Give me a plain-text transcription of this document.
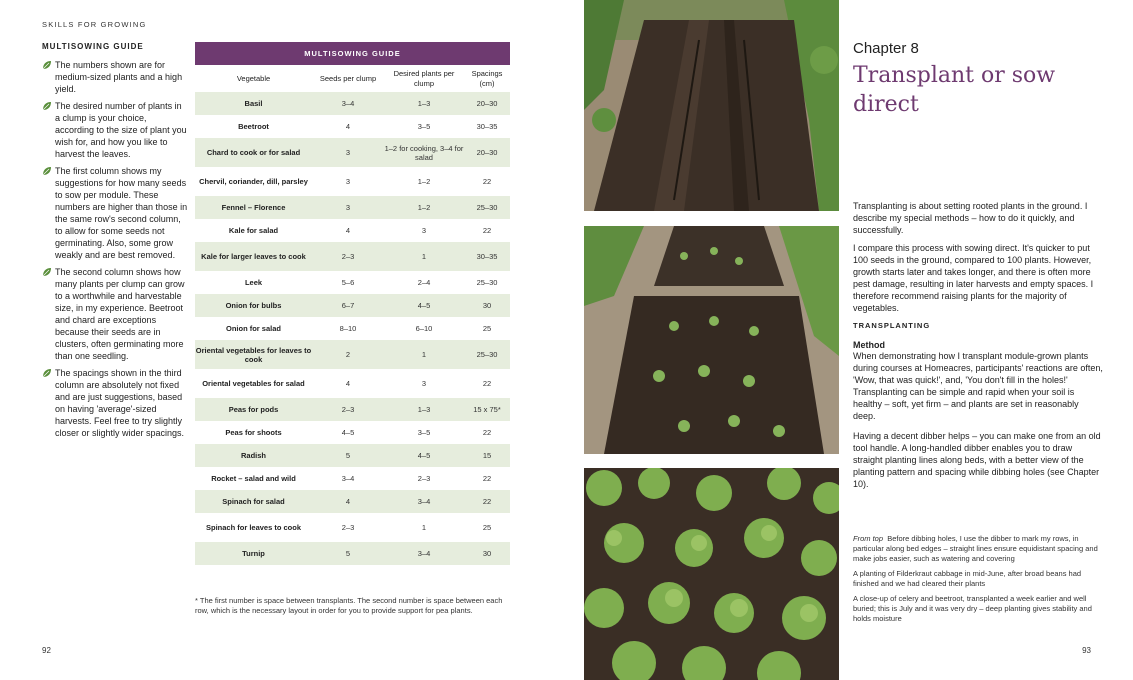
SKILLS FOR GROWING
MULTISOWING GUIDE
The numbers shown are for medium-sized plants and a high yield.
The desired number of plants in a clump is your choice, according to the size of plant you wish for, and how you like to harvest the leaves.
The first column shows my suggestions for how many seeds to sow per module. These numbers are higher than those in the same row's second column, to allow for some seeds not germinating. Also, some grow weakly and are best removed.
The second column shows how many plants per clump can grow to a worthwhile and harvestable size, in my experience. Beetroot and chard are exceptions because their seeds are in clusters, often germinating more than one seedling.
The spacings shown in the third column are absolutely not fixed and are just suggestions, based on having 'average'-sized harvests. Feel free to try slightly closer or slightly wider spacings.
MULTISOWING GUIDE
Vegetable	Seeds per clump	Desired plants per clump	Spacings (cm)
Basil	3–4	1–3	20–30
Beetroot	4	3–5	30–35
Chard to cook or for salad	3	1–2 for cooking, 3–4 for salad	20–30
Chervil, coriander, dill, parsley	3	1–2	22
Fennel – Florence	3	1–2	25–30
Kale for salad	4	3	22
Kale for larger leaves to cook	2–3	1	30–35
Leek	5–6	2–4	25–30
Onion for bulbs	6–7	4–5	30
Onion for salad	8–10	6–10	25
Oriental vegetables for leaves to cook	2	1	25–30
Oriental vegetables for salad	4	3	22
Peas for pods	2–3	1–3	15 x 75*
Peas for shoots	4–5	3–5	22
Radish	5	4–5	15
Rocket – salad and wild	3–4	2–3	22
Spinach for salad	4	3–4	22
Spinach for leaves to cook	2–3	1	25
Turnip	5	3–4	30
* The first number is space between transplants. The second number is space between each row, which is the necessary layout in order for you to provide support for pea plants.
92
Chapter 8
Transplant or sow direct

Transplanting is about setting rooted plants in the ground. I describe my special methods – how to do it quickly, and successfully.

I compare this process with sowing direct. It's quicker to put 100 seeds in the ground, compared to 100 plants. However, growth starts later and takes longer, and there is often more pest damage, resulting in later harvests and empty spaces. I therefore recommend raising plants for the majority of vegetables.

TRANSPLANTING
Method

When demonstrating how I transplant module-grown plants during courses at Homeacres, participants' reactions are often, 'Wow, that was quick!', and, 'You don't fill in the holes!' Transplanting can be simple and rapid when your soil is healthy – soft, yet firm – and plants are set in reasonably deep.

Having a decent dibber helps – you can make one from an old tool handle. A long-handled dibber enables you to draw straight planting lines along beds, with a better view of the planting pattern and spacing while dibbing holes (see Chapter 10).

From top Before dibbing holes, I use the dibber to mark my rows, in particular along bed edges – straight lines ensure equidistant spacing and make jobs easier, such as watering and covering

A planting of Filderkraut cabbage in mid-June, after broad beans had finished and we had cleared their plants

A close-up of celery and beetroot, transplanted a week earlier and well buried; this is July and it was very dry – deep planting gives stability and holds moisture

93
